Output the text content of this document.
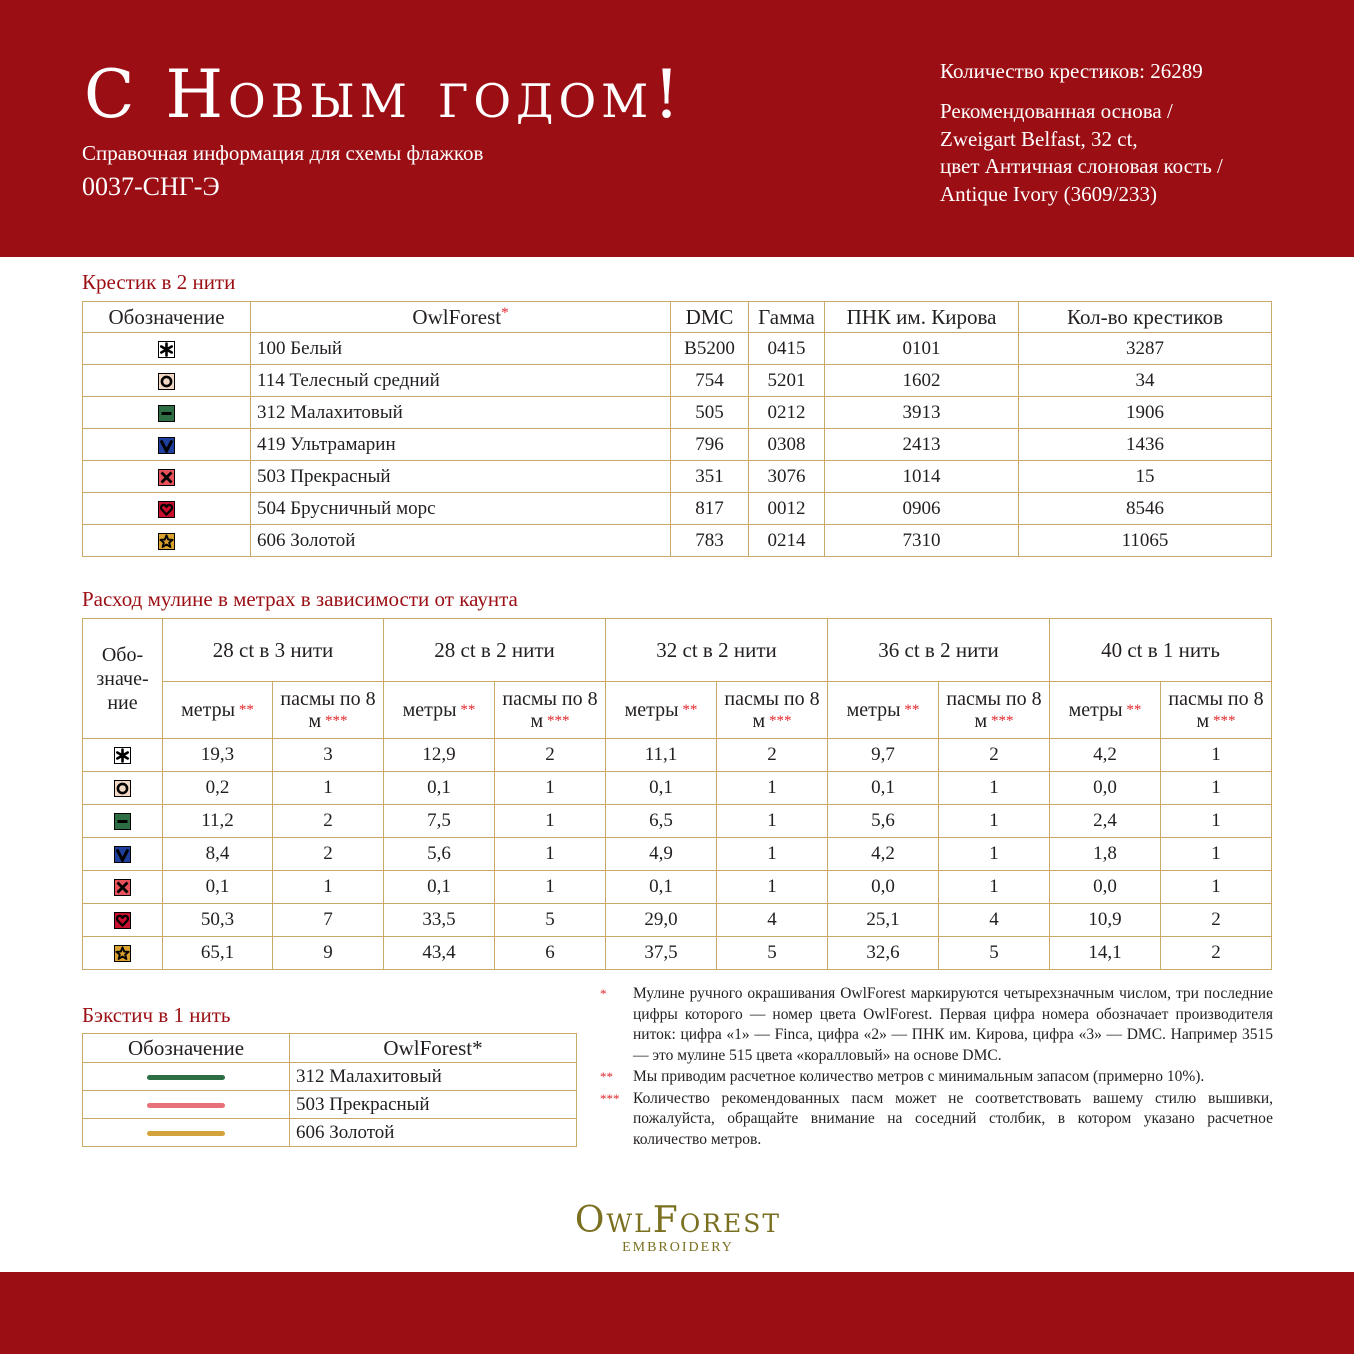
С Новым годом!
Справочная информация для схемы флажков
0037-СНГ-Э
Количество крестиков: 26289
Рекомендованная основа /
Zweigart Belfast, 32 ct,
цвет Античная слоновая кость /
Antique Ivory (3609/233)
Крестик в 2 нити
Обозначение	OwlForest*	DMC	Гамма	ПНК им. Кирова	Кол-во крестиков

	100 Белый	B5200	0415	0101	3287

	114 Телесный средний	754	5201	1602	34

	312 Малахитовый	505	0212	3913	1906

	419 Ультрамарин	796	0308	2413	1436

	503 Прекрасный	351	3076	1014	15

	504 Брусничный морс	817	0012	0906	8546

	606 Золотой	783	0214	7310	11065
Расход мулине в метрах в зависимости от каунта
Обо-
значе-
ние	28 ct в 3 нити		28 ct в 2 нити		32 ct в 2 нити		36 ct в 2 нити		40 ct в 1 нить	
	метры **	пасмы по 8 м ***	метры **	пасмы по 8 м ***	метры **	пасмы по 8 м ***	метры **	пасмы по 8 м ***	метры **	пасмы по 8 м ***

	19,3	3	12,9	2	11,1	2	9,7	2	4,2	1

	0,2	1	0,1	1	0,1	1	0,1	1	0,0	1

	11,2	2	7,5	1	6,5	1	5,6	1	2,4	1

	8,4	2	5,6	1	4,9	1	4,2	1	1,8	1

	0,1	1	0,1	1	0,1	1	0,0	1	0,0	1

	50,3	7	33,5	5	29,0	4	25,1	4	10,9	2

	65,1	9	43,4	6	37,5	5	32,6	5	14,1	2
Бэкстич в 1 нить
Обозначение	OwlForest*
	312 Малахитовый
	503 Прекрасный
	606 Золотой
* Мулине ручного окрашивания OwlForest маркируются четырехзначным числом, три последние цифры которого — номер цвета OwlForest. Первая цифра номера обозначает производителя ниток: цифра «1» — Finca, цифра «2» — ПНК им. Кирова, цифра «3» — DMC. Например 3515 — это мулине 515 цвета «коралловый» на основе DMC.
** Мы приводим расчетное количество метров с минимальным запасом (примерно 10%).
*** Количество рекомендованных пасм может не соответствовать вашему стилю вышивки, пожалуйста, обращайте внимание на соседний столбик, в котором указано расчетное количество метров.
OwlForest
EMBROIDERY
